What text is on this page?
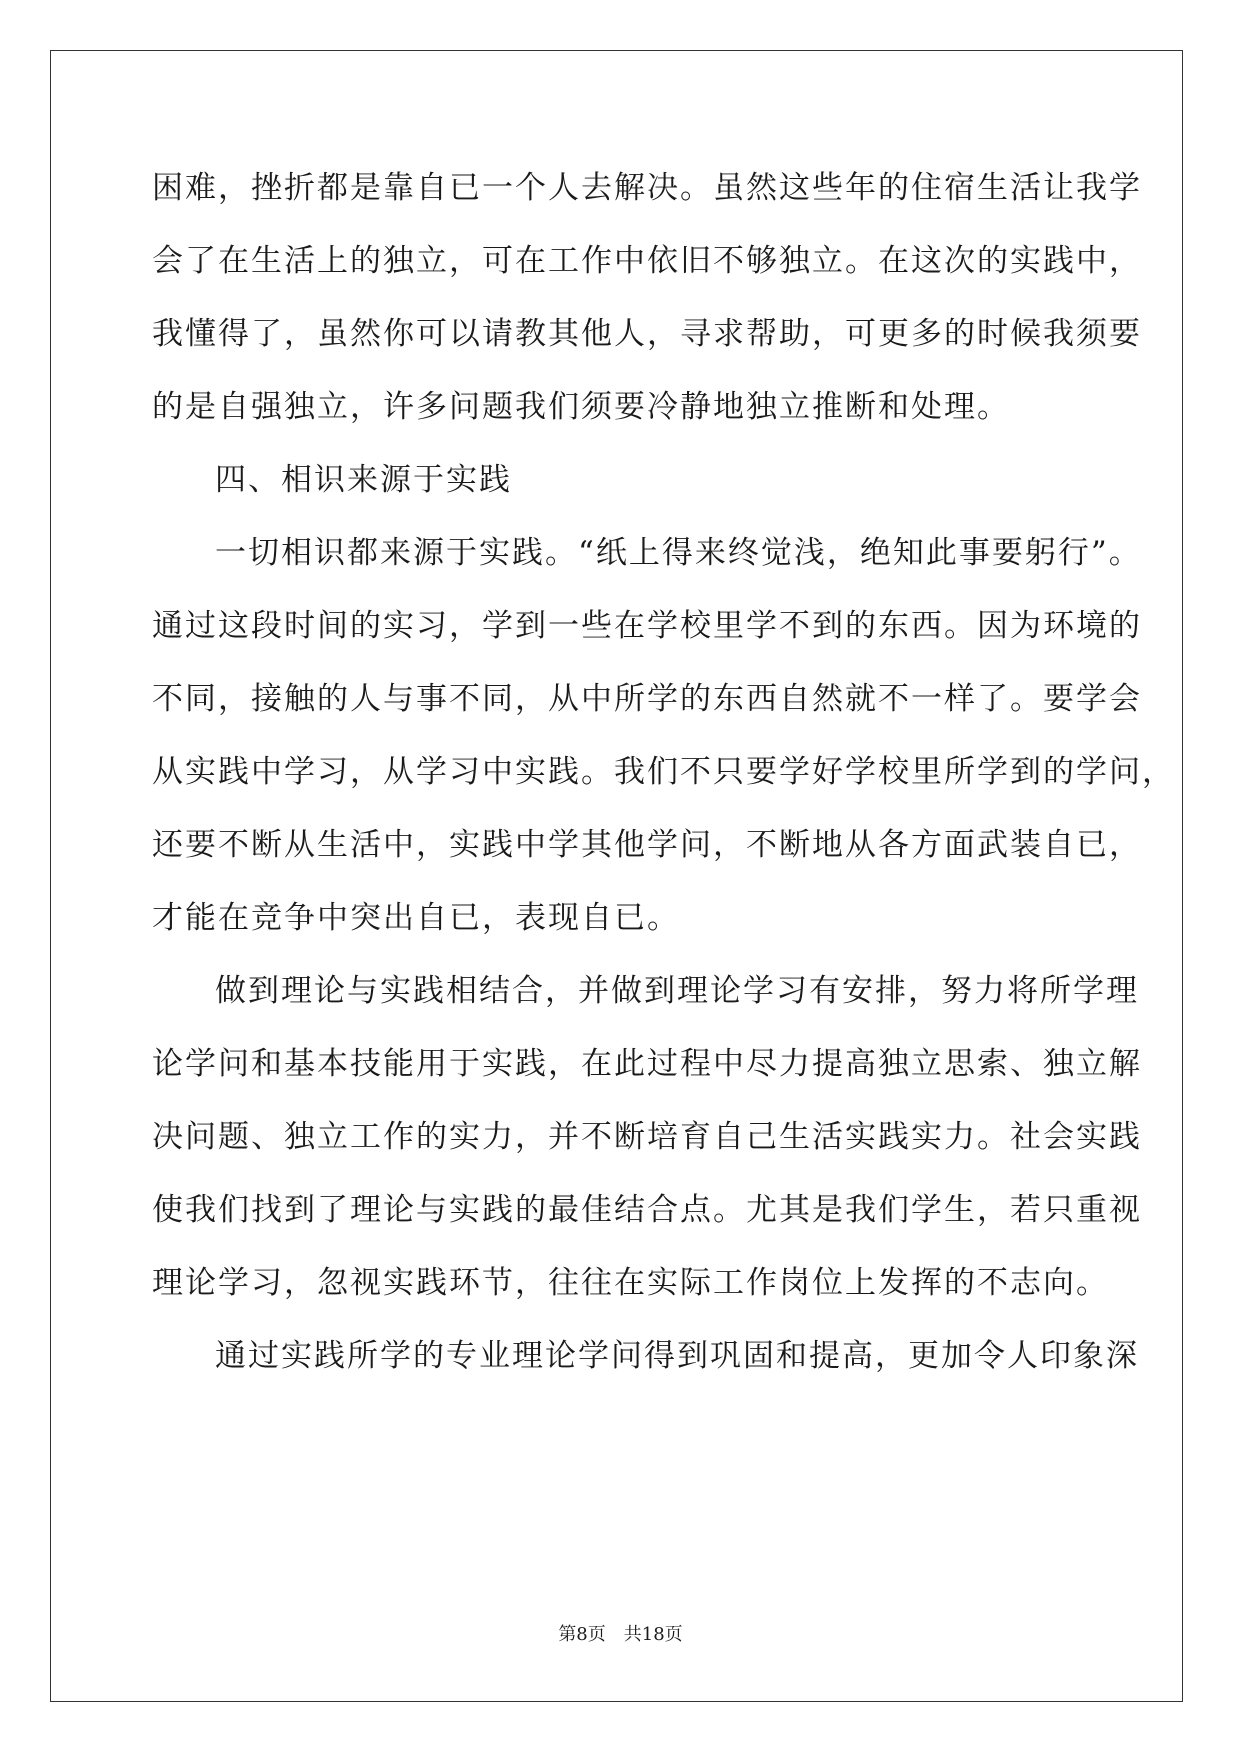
困难，挫折都是靠自已一个人去解决。虽然这些年的住宿生活让我学
会了在生活上的独立，可在工作中依旧不够独立。在这次的实践中，
我懂得了，虽然你可以请教其他人，寻求帮助，可更多的时候我须要
的是自强独立，许多问题我们须要冷静地独立推断和处理。
四、相识来源于实践
一切相识都来源于实践。“纸上得来终觉浅，绝知此事要躬行”。
通过这段时间的实习，学到一些在学校里学不到的东西。因为环境的
不同，接触的人与事不同，从中所学的东西自然就不一样了。要学会
从实践中学习，从学习中实践。我们不只要学好学校里所学到的学问，
还要不断从生活中，实践中学其他学问，不断地从各方面武装自已，
才能在竞争中突出自已，表现自已。
做到理论与实践相结合，并做到理论学习有安排，努力将所学理
论学问和基本技能用于实践，在此过程中尽力提高独立思索、独立解
决问题、独立工作的实力，并不断培育自己生活实践实力。社会实践
使我们找到了理论与实践的最佳结合点。尤其是我们学生，若只重视
理论学习，忽视实践环节，往往在实际工作岗位上发挥的不志向。
通过实践所学的专业理论学问得到巩固和提高，更加令人印象深
第8页 共18页
